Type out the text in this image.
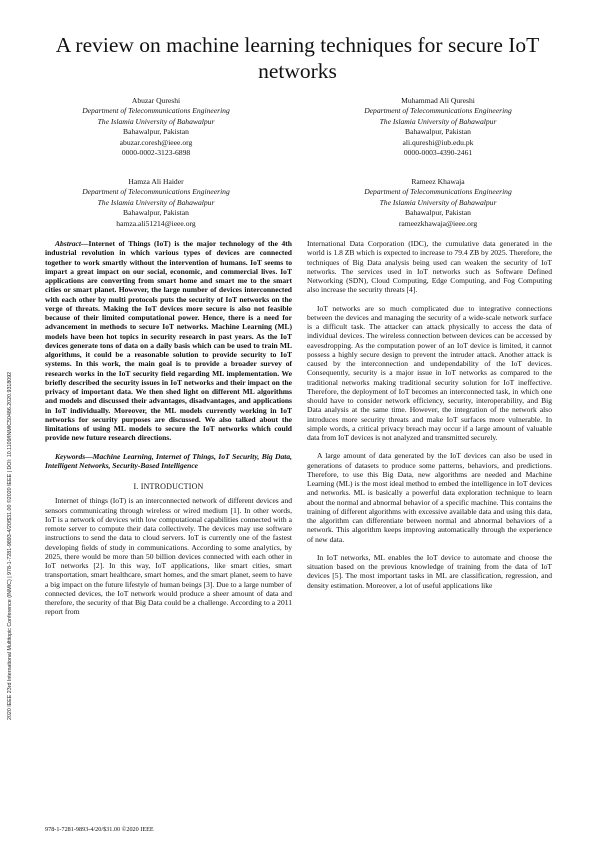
A review on machine learning techniques for secure IoT networks
Abuzar Qureshi
Department of Telecommunications Engineering
The Islamia University of Bahawalpur
Bahawalpur, Pakistan
abuzar.coresh@ieee.org
0000-0002-3123-6898
Muhammad Ali Qureshi
Department of Telecommunications Engineering
The Islamia University of Bahawalpur
Bahawalpur, Pakistan
ali.qureshi@iub.edu.pk
0000-0003-4390-2461
Hamza Ali Haider
Department of Telecommunications Engineering
The Islamia University of Bahawalpur
Bahawalpur, Pakistan
hamza.ali51214@ieee.org
Rameez Khawaja
Department of Telecommunications Engineering
The Islamia University of Bahawalpur
Bahawalpur, Pakistan
rameezkhawaja@ieee.org

Abstract—Internet of Things (IoT) is the major technology of the 4th industrial revolution in which various types of devices are connected together to work smartly without the intervention of humans. IoT seems to impart a great impact on our social, economic, and commercial lives. IoT applications are converting from smart home and smart me to the smart cities or smart planet. However, the large number of devices interconnected with each other by multi protocols puts the security of IoT networks on the verge of threats. Making the IoT devices more secure is also not feasible because of their limited computational power. Hence, there is a need for advancement in methods to secure IoT networks. Machine Learning (ML) models have been hot topics in security research in past years. As the IoT devices generate tons of data on a daily basis which can be used to train ML algorithms, it could be a reasonable solution to provide security to IoT systems. In this work, the main goal is to provide a broader survey of research works in the IoT security field regarding ML implementation. We briefly described the security issues in IoT networks and their impact on the privacy of important data. We then shed light on different ML algorithms and models and discussed their advantages, disadvantages, and applications in IoT individually. Moreover, the ML models currently working in IoT networks for security purposes are discussed. We also talked about the limitations of using ML models to secure the IoT networks which could provide new future research directions.

Keywords—Machine Learning, Internet of Things, IoT Security, Big Data, Intelligent Networks, Security-Based Intelligence

I. INTRODUCTION

Internet of things (IoT) is an interconnected network of different devices and sensors communicating through wireless or wired medium [1]. In other words, IoT is a network of devices with low computational capabilities connected with a remote server to compute their data collectively. The devices may use software instructions to send the data to cloud servers. IoT is currently one of the fastest developing fields of study in communications. According to some analytics, by 2025, there would be more than 50 billion devices connected with each other in IoT networks [2]. In this way, IoT applications, like smart cities, smart transportation, smart healthcare, smart homes, and the smart planet, seem to have a big impact on the future lifestyle of human beings [3]. Due to a large number of connected devices, the IoT network would produce a sheer amount of data and therefore, the security of that Big Data could be a challenge. According to a 2011 report from

International Data Corporation (IDC), the cumulative data generated in the world is 1.8 ZB which is expected to increase to 79.4 ZB by 2025. Therefore, the techniques of Big Data analysis being used can weaken the security of IoT networks. The services used in IoT networks such as Software Defined Networking (SDN), Cloud Computing, Edge Computing, and Fog Computing also increase the security threats [4].

IoT networks are so much complicated due to integrative connections between the devices and managing the security of a wide-scale network surface is a difficult task. The attacker can attack physically to access the data of individual devices. The wireless connection between devices can be accessed by eavesdropping. As the computation power of an IoT device is limited, it cannot possess a highly secure design to prevent the intruder attack. Another attack is caused by the interconnection and undependability of the IoT devices. Consequently, security is a major issue in IoT networks as compared to the traditional networks making traditional security solution for IoT ineffective. Therefore, the deployment of IoT becomes an interconnected task, in which one should have to consider network efficiency, security, interoperability, and Big Data analysis at the same time. However, the integration of the network also introduces more security threats and make IoT surfaces more vulnerable. In simple words, a critical privacy breach may occur if a large amount of valuable data from IoT devices is not analyzed and transmitted securely.

A large amount of data generated by the IoT devices can also be used in generations of datasets to produce some patterns, behaviors, and predictions. Therefore, to use this Big Data, new algorithms are needed and Machine Learning (ML) is the most ideal method to embed the intelligence in IoT devices and networks. ML is basically a powerful data exploration technique to learn about the normal and abnormal behavior of a specific machine. This contains the training of different algorithms with excessive available data and using this data, the algorithm can differentiate between normal and abnormal behaviors of a network. This algorithm keeps improving automatically through the experience of new data.

In IoT networks, ML enables the IoT device to automate and choose the situation based on the previous knowledge of training from the data of IoT devices [5]. The most important tasks in ML are classification, regression, and density estimation. Moreover, a lot of useful applications like

2020 IEEE 23rd International Multitopic Conference (INMIC) | 978-1-7281-9893-4/20/$31.00 ©2020 IEEE | DOI: 10.1109/INMIC50486.2020.9318092
978-1-7281-9893-4/20/$31.00 ©2020 IEEE
